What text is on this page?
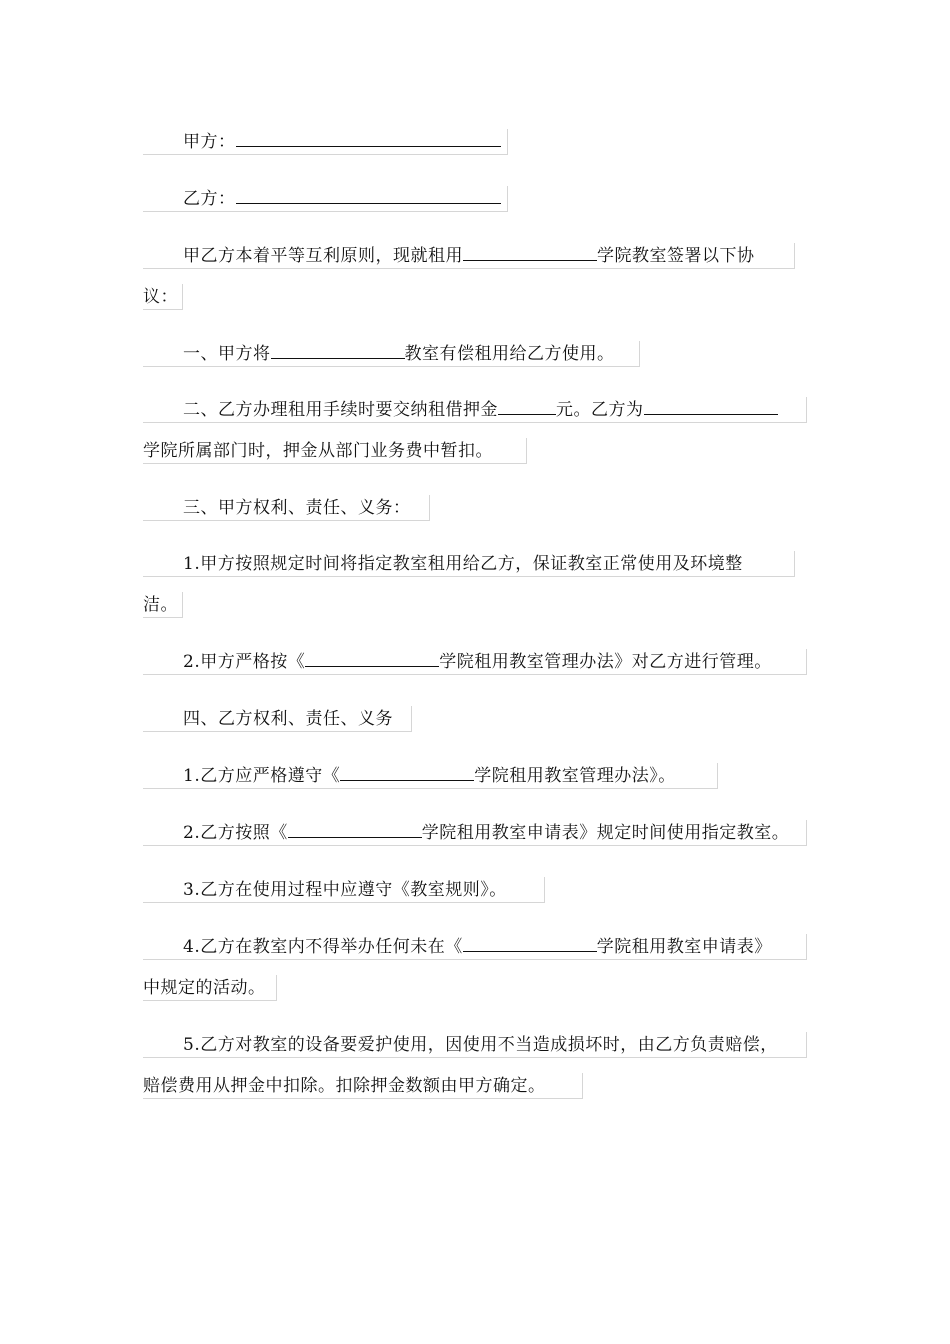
甲方：
乙方：
甲乙方本着平等互利原则，现就租用	学院教室签署以下协
议：
一、甲方将	教室有偿租用给乙方使用。
二、乙方办理租用手续时要交纳租借押金	元。乙方为
学院所属部门时，押金从部门业务费中暂扣。
三、甲方权利、责任、义务：
1.甲方按照规定时间将指定教室租用给乙方，保证教室正常使用及环境整
洁。
2.甲方严格按《	学院租用教室管理办法》对乙方进行管理。
四、乙方权利、责任、义务
1.乙方应严格遵守《	学院租用教室管理办法》。
2.乙方按照《	学院租用教室申请表》规定时间使用指定教室。
3.乙方在使用过程中应遵守《教室规则》。
4.乙方在教室内不得举办任何未在《	学院租用教室申请表》
中规定的活动。
5.乙方对教室的设备要爱护使用，因使用不当造成损坏时，由乙方负责赔偿，
赔偿费用从押金中扣除。扣除押金数额由甲方确定。
